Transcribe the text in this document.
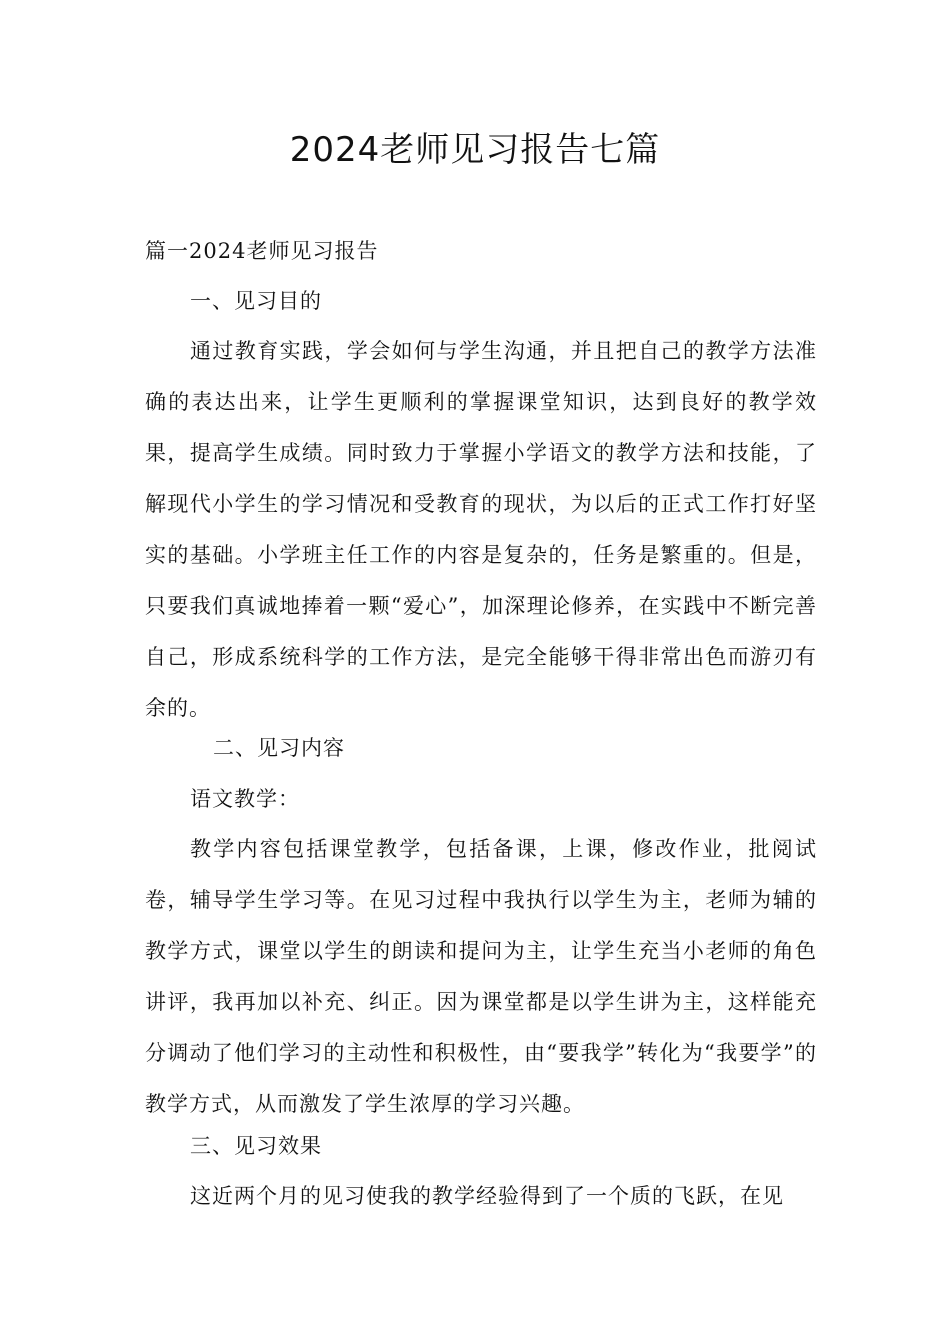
2024老师见习报告七篇
篇一2024老师见习报告
一、见习目的
通过教育实践，学会如何与学生沟通，并且把自己的教学方法准确的表达出来，让学生更顺利的掌握课堂知识，达到良好的教学效果，提高学生成绩。同时致力于掌握小学语文的教学方法和技能，了解现代小学生的学习情况和受教育的现状，为以后的正式工作打好坚实的基础。小学班主任工作的内容是复杂的，任务是繁重的。但是，只要我们真诚地捧着一颗“爱心”，加深理论修养，在实践中不断完善自己，形成系统科学的工作方法，是完全能够干得非常出色而游刃有余的。
二、见习内容
语文教学：
教学内容包括课堂教学，包括备课，上课，修改作业，批阅试卷，辅导学生学习等。在见习过程中我执行以学生为主，老师为辅的教学方式，课堂以学生的朗读和提问为主，让学生充当小老师的角色讲评，我再加以补充、纠正。因为课堂都是以学生讲为主，这样能充分调动了他们学习的主动性和积极性，由“要我学”转化为“我要学”的教学方式，从而激发了学生浓厚的学习兴趣。
三、见习效果
这近两个月的见习使我的教学经验得到了一个质的飞跃，在见
